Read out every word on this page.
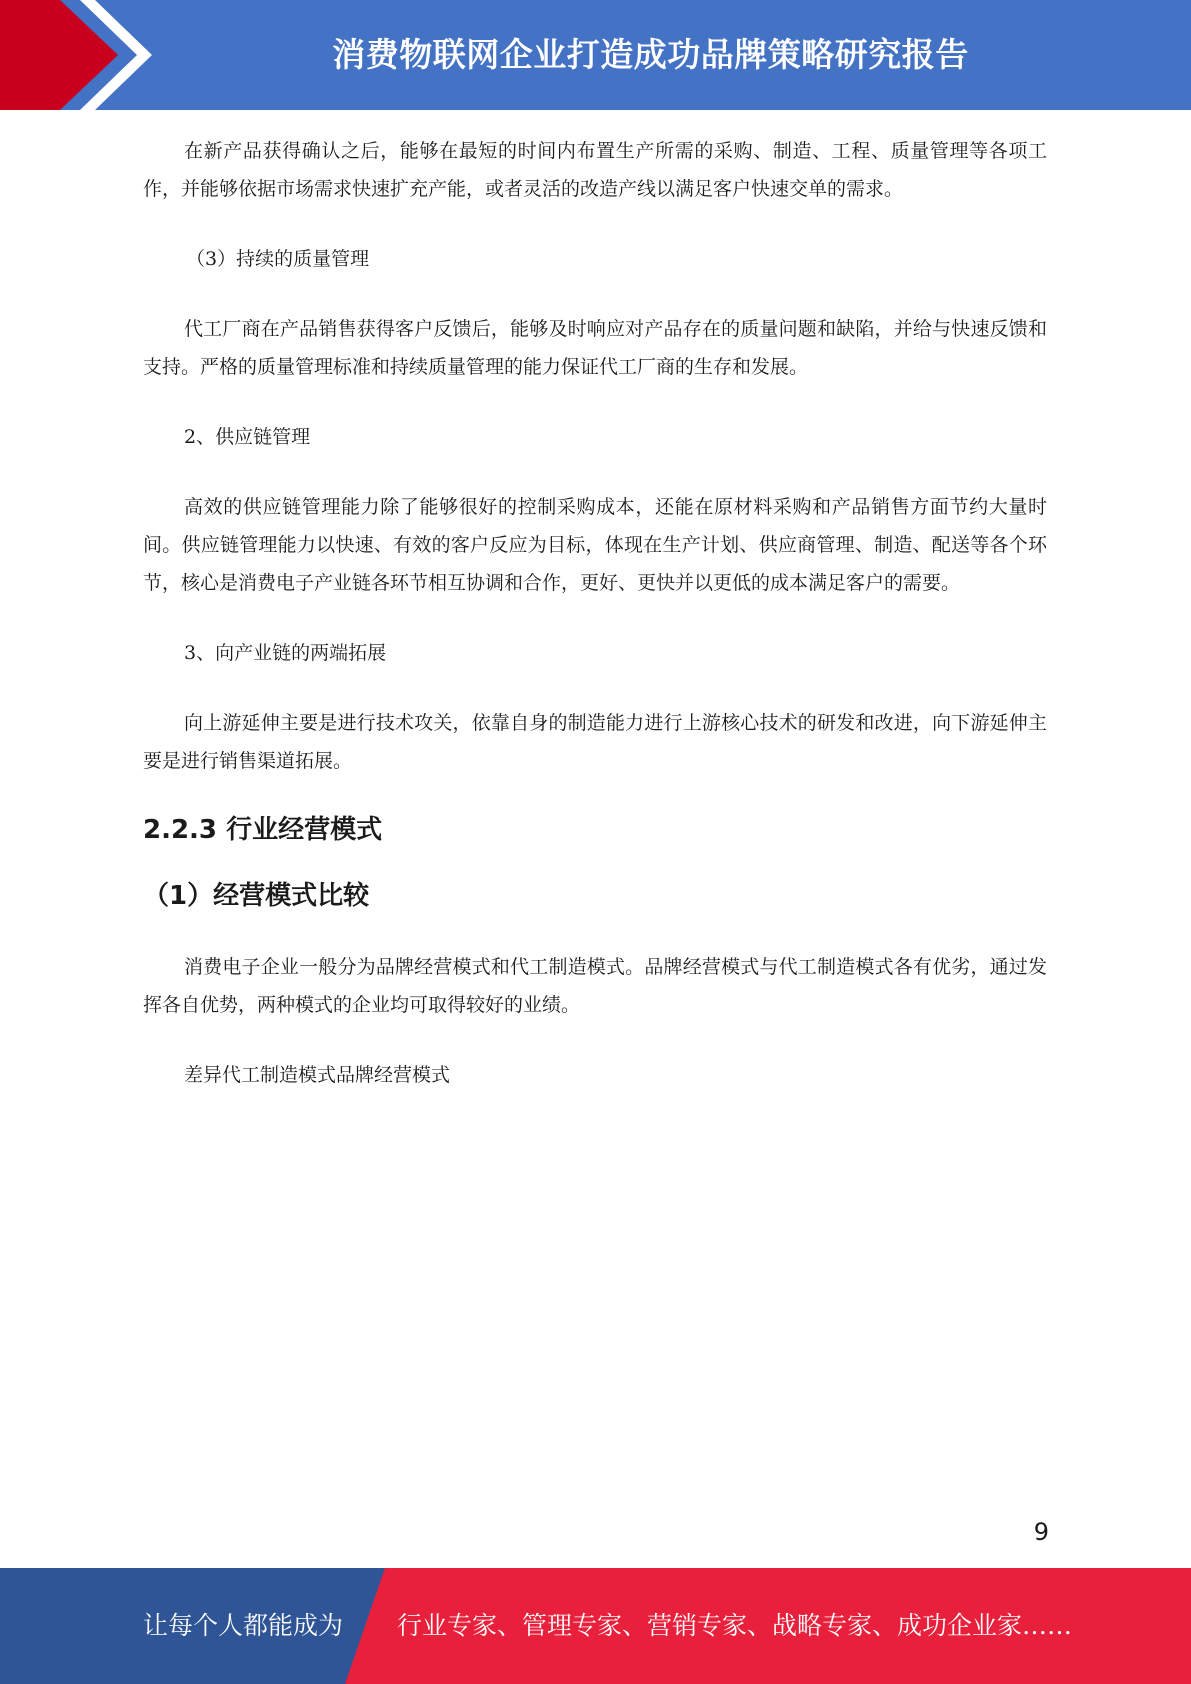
消费物联网企业打造成功品牌策略研究报告

在新产品获得确认之后，能够在最短的时间内布置生产所需的采购、制造、工程、质量管理等各项工作，并能够依据市场需求快速扩充产能，或者灵活的改造产线以满足客户快速交单的需求。

（3）持续的质量管理

代工厂商在产品销售获得客户反馈后，能够及时响应对产品存在的质量问题和缺陷，并给与快速反馈和支持。严格的质量管理标准和持续质量管理的能力保证代工厂商的生存和发展。

2、供应链管理

高效的供应链管理能力除了能够很好的控制采购成本，还能在原材料采购和产品销售方面节约大量时间。供应链管理能力以快速、有效的客户反应为目标，体现在生产计划、供应商管理、制造、配送等各个环节，核心是消费电子产业链各环节相互协调和合作，更好、更快并以更低的成本满足客户的需要。

3、向产业链的两端拓展

向上游延伸主要是进行技术攻关，依靠自身的制造能力进行上游核心技术的研发和改进，向下游延伸主要是进行销售渠道拓展。

2.2.3 行业经营模式
（1）经营模式比较

消费电子企业一般分为品牌经营模式和代工制造模式。品牌经营模式与代工制造模式各有优劣，通过发挥各自优势，两种模式的企业均可取得较好的业绩。

差异代工制造模式品牌经营模式

9
让每个人都能成为 行业专家、管理专家、营销专家、战略专家、成功企业家……
